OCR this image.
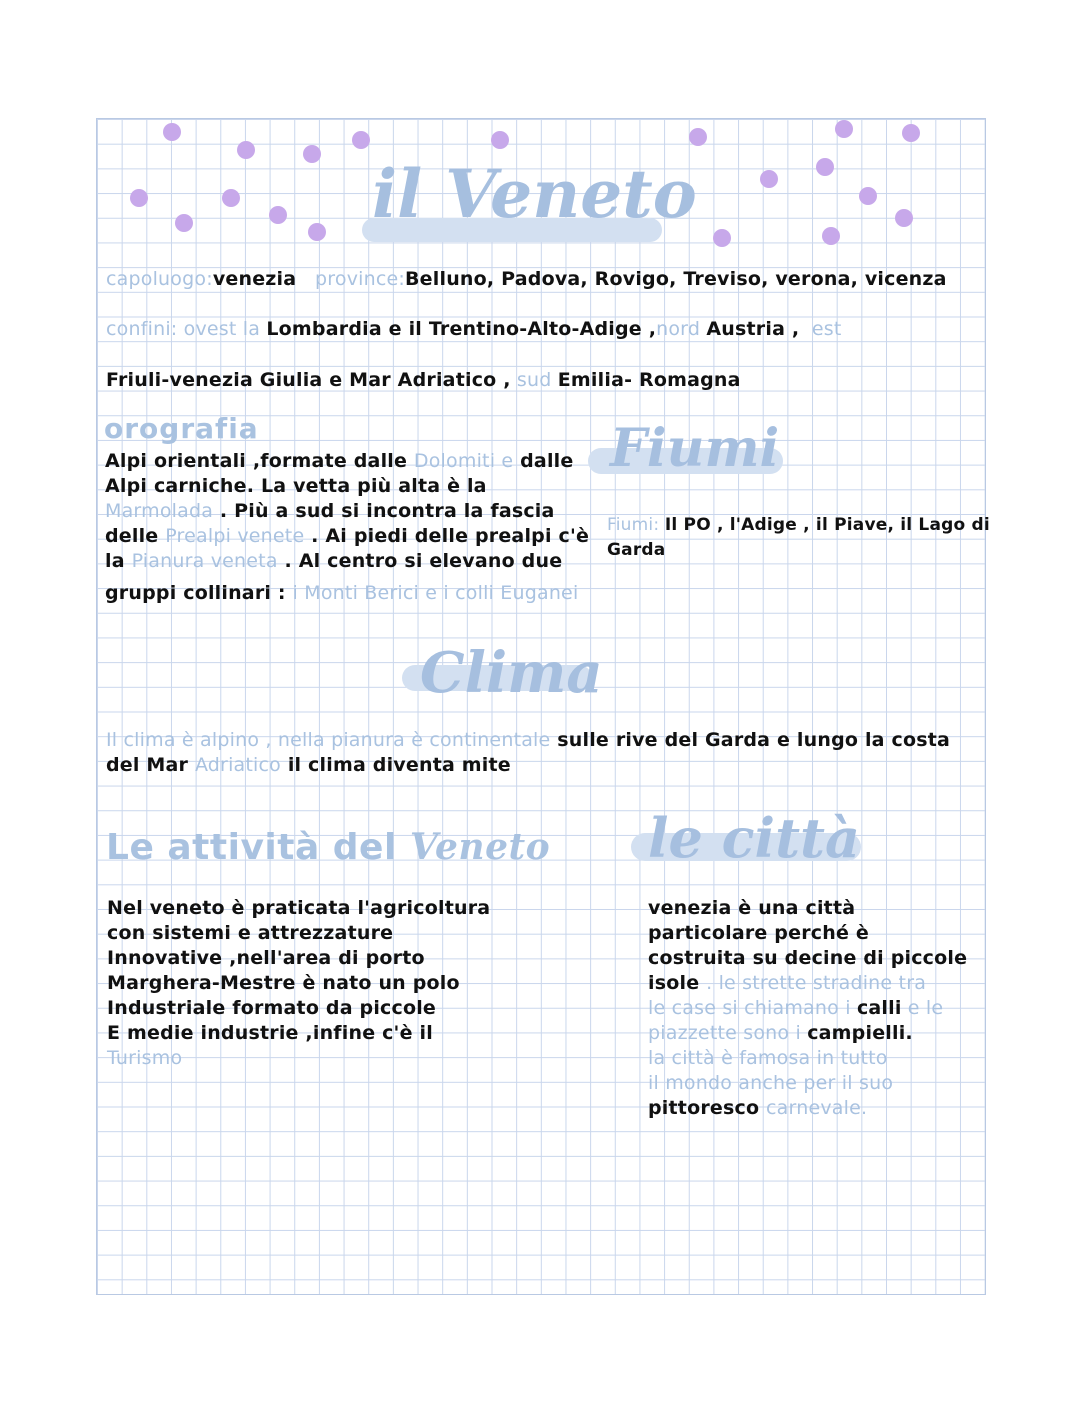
il Veneto
capoluogo:venezia province:Belluno, Padova, Rovigo, Treviso, verona, vicenza
confini: ovest la Lombardia e il Trentino-Alto-Adige ,nord Austria , est
Friuli-venezia Giulia e Mar Adriatico , sud Emilia- Romagna
orografia
Alpi orientali ,formate dalle Dolomiti e dalle
Alpi carniche. La vetta più alta è la
Marmolada . Più a sud si incontra la fascia
delle Prealpi venete . Ai piedi delle prealpi c'è
la Pianura veneta . Al centro si elevano due
gruppi collinari : i Monti Berici e i colli Euganei
Fiumi
Fiumi: Il PO , l'Adige , il Piave, il Lago di
Garda
Clima
Il clima è alpino , nella pianura è continentale sulle rive del Garda e lungo la costa
del Mar Adriatico il clima diventa mite
Le attività del Veneto
Nel veneto è praticata l'agricoltura
con sistemi e attrezzature
Innovative ,nell'area di porto
Marghera-Mestre è nato un polo
Industriale formato da piccole
E medie industrie ,infine c'è il
Turismo
le città
venezia è una città
particolare perché è
costruita su decine di piccole
isole . le strette stradine tra
le case si chiamano i calli e le
piazzette sono i campielli.
la città è famosa in tutto
il mondo anche per il suo
pittoresco carnevale.
